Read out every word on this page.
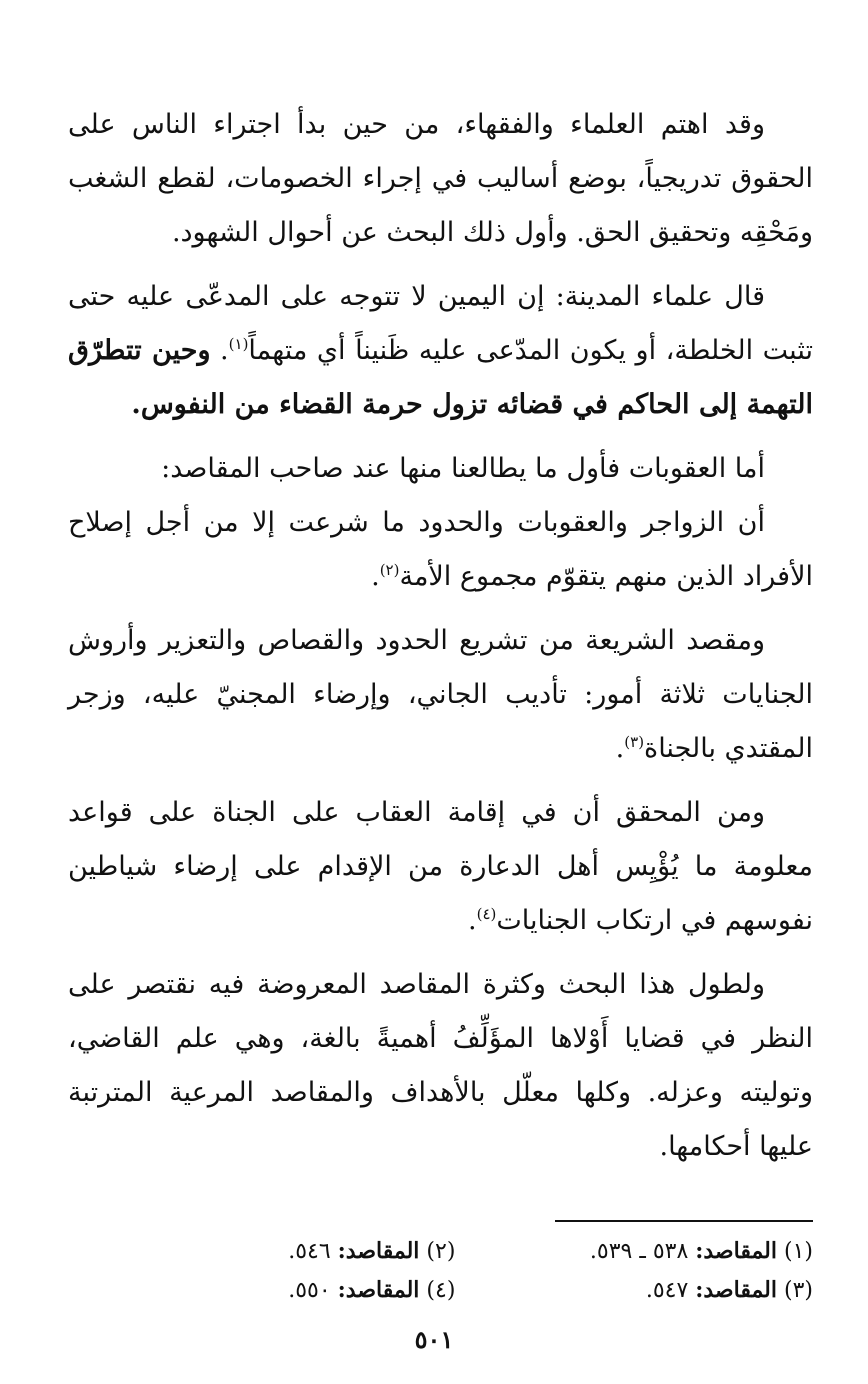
وقد اهتم العلماء والفقهاء، من حين بدأ اجتراء الناس على الحقوق تدريجياً، بوضع أساليب في إجراء الخصومات، لقطع الشغب ومَحْقِه وتحقيق الحق. وأول ذلك البحث عن أحوال الشهود.

قال علماء المدينة: إن اليمين لا تتوجه على المدعّى عليه حتى تثبت الخلطة، أو يكون المدّعى عليه ظَنيناً أي متهماً$^{(١)}$. وحين تتطرّق التهمة إلى الحاكم في قضائه تزول حرمة القضاء من النفوس.

أما العقوبات فأول ما يطالعنا منها عند صاحب المقاصد:

أن الزواجر والعقوبات والحدود ما شرعت إلا من أجل إصلاح الأفراد الذين منهم يتقوّم مجموع الأمة$^{(٢)}$.

ومقصد الشريعة من تشريع الحدود والقصاص والتعزير وأروش الجنايات ثلاثة أمور: تأديب الجاني، وإرضاء المجنيّ عليه، وزجر المقتدي بالجناة$^{(٣)}$.

ومن المحقق أن في إقامة العقاب على الجناة على قواعد معلومة ما يُؤْيِس أهل الدعارة من الإقدام على إرضاء شياطين نفوسهم في ارتكاب الجنايات$^{(٤)}$.

ولطول هذا البحث وكثرة المقاصد المعروضة فيه نقتصر على النظر في قضايا أَوْلاها المؤَلِّفُ أهميةً بالغة، وهي علم القاضي، وتوليته وعزله. وكلها معلّل بالأهداف والمقاصد المرعية المترتبة عليها أحكامها.

(١) المقاصد: ٥٣٨ ـ ٥٣٩.
(٢) المقاصد: ٥٤٦.
(٣) المقاصد: ٥٤٧.
(٤) المقاصد: ٥٥٠.
٥٠١
